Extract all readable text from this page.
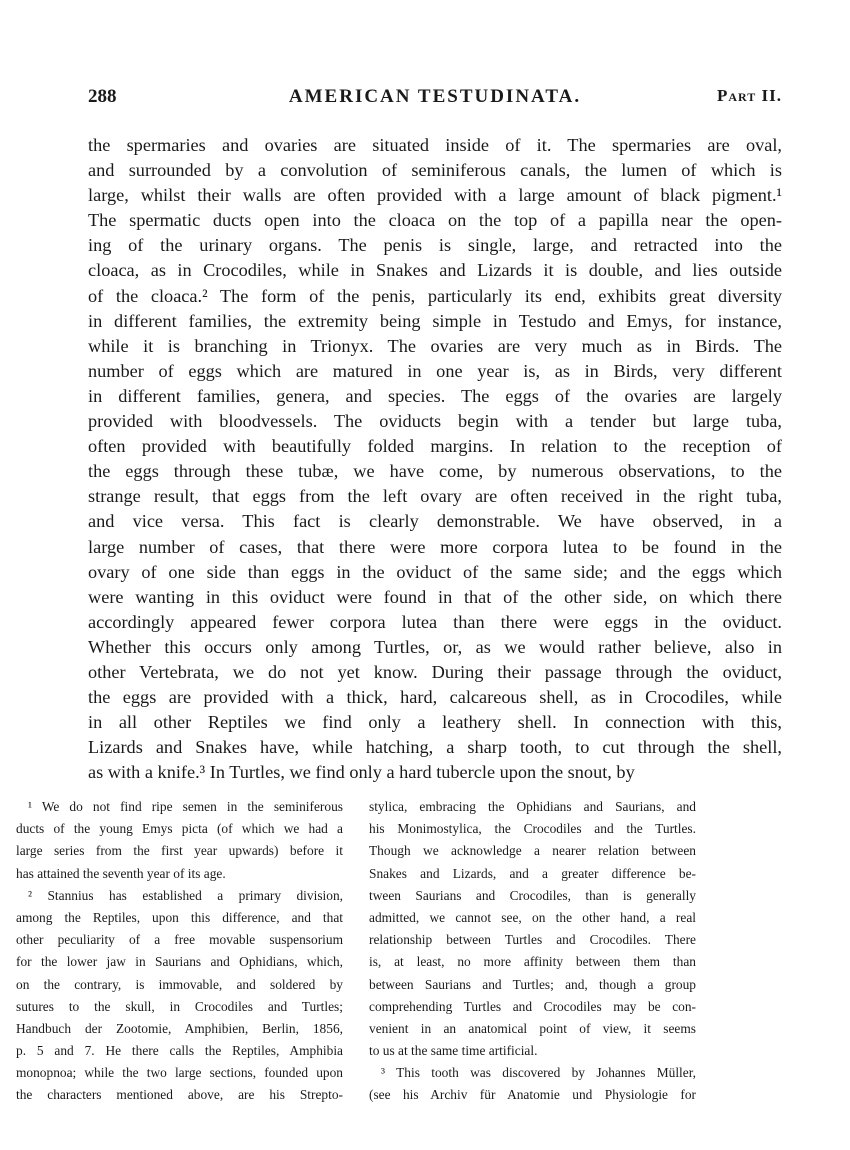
288	AMERICAN TESTUDINATA.	Part II.
the spermaries and ovaries are situated inside of it. The spermaries are oval,
and surrounded by a convolution of seminiferous canals, the lumen of which is
large, whilst their walls are often provided with a large amount of black pigment.¹
The spermatic ducts open into the cloaca on the top of a papilla near the open-
ing of the urinary organs. The penis is single, large, and retracted into the
cloaca, as in Crocodiles, while in Snakes and Lizards it is double, and lies outside
of the cloaca.² The form of the penis, particularly its end, exhibits great diversity
in different families, the extremity being simple in Testudo and Emys, for instance,
while it is branching in Trionyx. The ovaries are very much as in Birds. The
number of eggs which are matured in one year is, as in Birds, very different
in different families, genera, and species. The eggs of the ovaries are largely
provided with bloodvessels. The oviducts begin with a tender but large tuba,
often provided with beautifully folded margins. In relation to the reception of
the eggs through these tubæ, we have come, by numerous observations, to the
strange result, that eggs from the left ovary are often received in the right tuba,
and vice versa. This fact is clearly demonstrable. We have observed, in a
large number of cases, that there were more corpora lutea to be found in the
ovary of one side than eggs in the oviduct of the same side; and the eggs which
were wanting in this oviduct were found in that of the other side, on which there
accordingly appeared fewer corpora lutea than there were eggs in the oviduct.
Whether this occurs only among Turtles, or, as we would rather believe, also in
other Vertebrata, we do not yet know. During their passage through the oviduct,
the eggs are provided with a thick, hard, calcareous shell, as in Crocodiles, while
in all other Reptiles we find only a leathery shell. In connection with this,
Lizards and Snakes have, while hatching, a sharp tooth, to cut through the shell,
as with a knife.³ In Turtles, we find only a hard tubercle upon the snout, by
¹ We do not find ripe semen in the seminiferous
ducts of the young Emys picta (of which we had a
large series from the first year upwards) before it
has attained the seventh year of its age.
² Stannius has established a primary division,
among the Reptiles, upon this difference, and that
other peculiarity of a free movable suspensorium
for the lower jaw in Saurians and Ophidians, which,
on the contrary, is immovable, and soldered by
sutures to the skull, in Crocodiles and Turtles;
Handbuch der Zootomie, Amphibien, Berlin, 1856,
p. 5 and 7. He there calls the Reptiles, Amphibia
monopnoa; while the two large sections, founded upon
the characters mentioned above, are his Strepto-
stylica, embracing the Ophidians and Saurians, and
his Monimostylica, the Crocodiles and the Turtles.
Though we acknowledge a nearer relation between
Snakes and Lizards, and a greater difference be-
tween Saurians and Crocodiles, than is generally
admitted, we cannot see, on the other hand, a real
relationship between Turtles and Crocodiles. There
is, at least, no more affinity between them than
between Saurians and Turtles; and, though a group
comprehending Turtles and Crocodiles may be con-
venient in an anatomical point of view, it seems
to us at the same time artificial.
³ This tooth was discovered by Johannes Müller,
(see his Archiv für Anatomie und Physiologie for
